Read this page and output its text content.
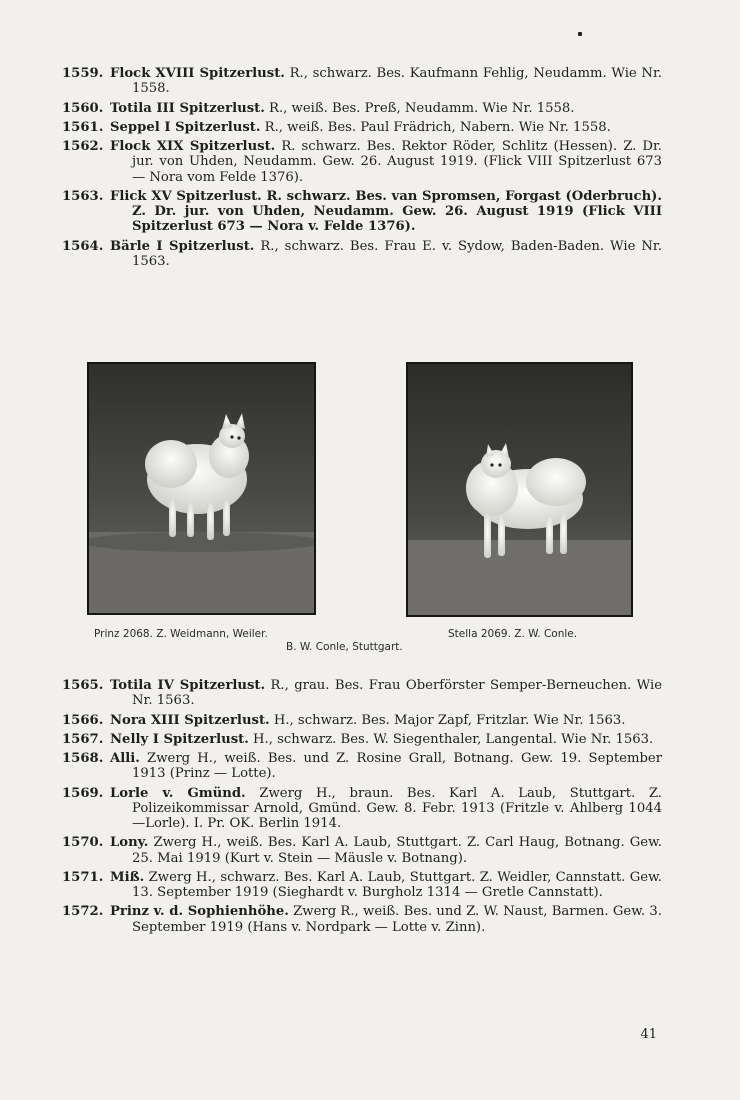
1559. Flock XVIII Spitzerlust. R., schwarz. Bes. Kaufmann Fehlig, Neudamm. Wie Nr. 1558.
1560. Totila III Spitzerlust. R., weiß. Bes. Preß, Neudamm. Wie Nr. 1558.
1561. Seppel I Spitzerlust. R., weiß. Bes. Paul Frädrich, Nabern. Wie Nr. 1558.
1562. Flock XIX Spitzerlust. R. schwarz. Bes. Rektor Röder, Schlitz (Hessen). Z. Dr. jur. von Uhden, Neudamm. Gew. 26. August 1919. (Flick VIII Spitzerlust 673 — Nora vom Felde 1376).
1563. Flick XV Spitzerlust. R. schwarz. Bes. van Spromsen, Forgast (Oderbruch). Z. Dr. jur. von Uhden, Neudamm. Gew. 26. August 1919 (Flick VIII Spitzerlust 673 — Nora v. Felde 1376).
1564. Bärle I Spitzerlust. R., schwarz. Bes. Frau E. v. Sydow, Baden-Baden. Wie Nr. 1563.
Prinz 2068. Z. Weidmann, Weiler.	Stella 2069. Z. W. Conle.
B. W. Conle, Stuttgart.
1565. Totila IV Spitzerlust. R., grau. Bes. Frau Oberförster Semper-Berneuchen. Wie Nr. 1563.
1566. Nora XIII Spitzerlust. H., schwarz. Bes. Major Zapf, Fritzlar. Wie Nr. 1563.
1567. Nelly I Spitzerlust. H., schwarz. Bes. W. Siegenthaler, Langental. Wie Nr. 1563.
1568. Alli. Zwerg H., weiß. Bes. und Z. Rosine Grall, Botnang. Gew. 19. September 1913 (Prinz — Lotte).
1569. Lorle v. Gmünd. Zwerg H., braun. Bes. Karl A. Laub, Stuttgart. Z. Polizeikommissar Arnold, Gmünd. Gew. 8. Febr. 1913 (Fritzle v. Ahlberg 1044—Lorle). I. Pr. OK. Berlin 1914.
1570. Lony. Zwerg H., weiß. Bes. Karl A. Laub, Stuttgart. Z. Carl Haug, Botnang. Gew. 25. Mai 1919 (Kurt v. Stein — Mäusle v. Botnang).
1571. Miß. Zwerg H., schwarz. Bes. Karl A. Laub, Stuttgart. Z. Weidler, Cannstatt. Gew. 13. September 1919 (Sieghardt v. Burgholz 1314 — Gretle Cannstatt).
1572. Prinz v. d. Sophienhöhe. Zwerg R., weiß. Bes. und Z. W. Naust, Barmen. Gew. 3. September 1919 (Hans v. Nordpark — Lotte v. Zinn).
41
